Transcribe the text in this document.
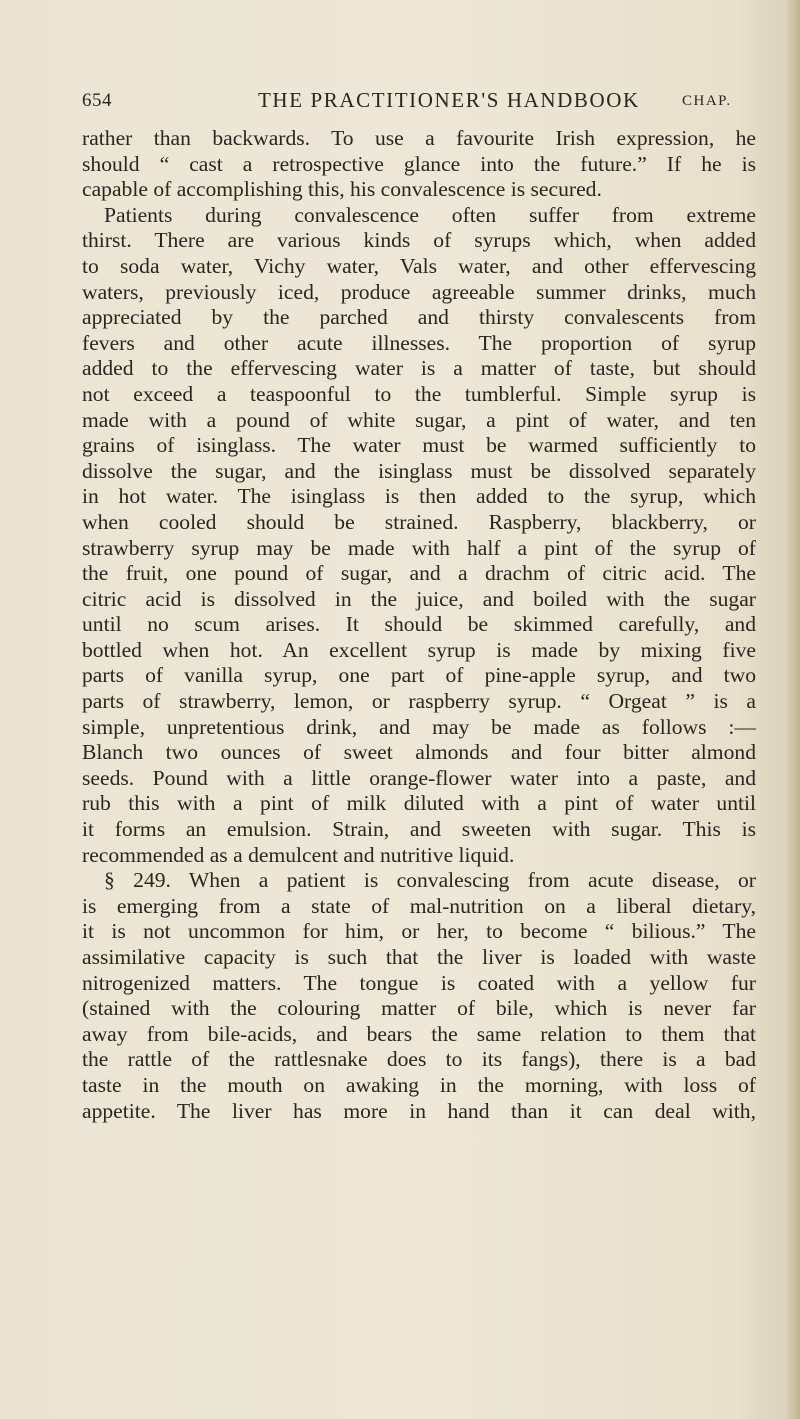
654	THE PRACTITIONER'S HANDBOOK	CHAP.
rather than backwards. To use a favourite Irish expression, he
should “ cast a retrospective glance into the future.” If he is
capable of accomplishing this, his convalescence is secured.
Patients during convalescence often suffer from extreme
thirst. There are various kinds of syrups which, when added
to soda water, Vichy water, Vals water, and other effervescing
waters, previously iced, produce agreeable summer drinks, much
appreciated by the parched and thirsty convalescents from
fevers and other acute illnesses. The proportion of syrup
added to the effervescing water is a matter of taste, but should
not exceed a teaspoonful to the tumblerful. Simple syrup is
made with a pound of white sugar, a pint of water, and ten
grains of isinglass. The water must be warmed sufficiently to
dissolve the sugar, and the isinglass must be dissolved separately
in hot water. The isinglass is then added to the syrup, which
when cooled should be strained. Raspberry, blackberry, or
strawberry syrup may be made with half a pint of the syrup of
the fruit, one pound of sugar, and a drachm of citric acid. The
citric acid is dissolved in the juice, and boiled with the sugar
until no scum arises. It should be skimmed carefully, and
bottled when hot. An excellent syrup is made by mixing five
parts of vanilla syrup, one part of pine-apple syrup, and two
parts of strawberry, lemon, or raspberry syrup. “ Orgeat ” is a
simple, unpretentious drink, and may be made as follows :—
Blanch two ounces of sweet almonds and four bitter almond
seeds. Pound with a little orange-flower water into a paste, and
rub this with a pint of milk diluted with a pint of water until
it forms an emulsion. Strain, and sweeten with sugar. This is
recommended as a demulcent and nutritive liquid.
§ 249. When a patient is convalescing from acute disease, or
is emerging from a state of mal-nutrition on a liberal dietary,
it is not uncommon for him, or her, to become “ bilious.” The
assimilative capacity is such that the liver is loaded with waste
nitrogenized matters. The tongue is coated with a yellow fur
(stained with the colouring matter of bile, which is never far
away from bile-acids, and bears the same relation to them that
the rattle of the rattlesnake does to its fangs), there is a bad
taste in the mouth on awaking in the morning, with loss of
appetite. The liver has more in hand than it can deal with,
